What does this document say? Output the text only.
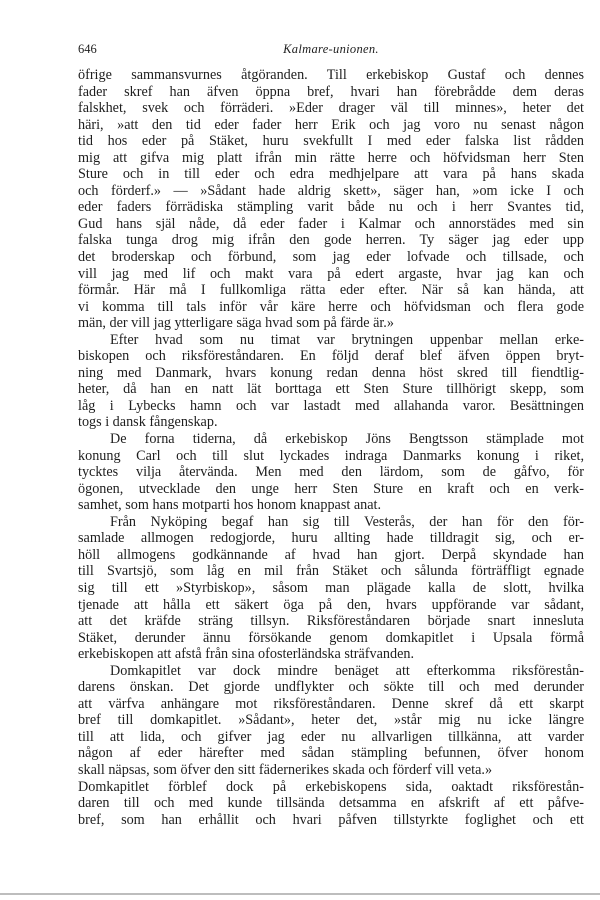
646	Kalmare-unionen.
öfrige sammansvurnes åtgöranden. Till erkebiskop Gustaf och dennes
fader skref han äfven öppna bref, hvari han förebrådde dem deras
falskhet, svek och förräderi. »Eder drager väl till minnes», heter det
häri, »att den tid eder fader herr Erik och jag voro nu senast någon
tid hos eder på Stäket, huru svekfullt I med eder falska list rådden
mig att gifva mig platt ifrån min rätte herre och höfvidsman herr Sten
Sture och in till eder och edra medhjelpare att vara på hans skada
och förderf.» — »Sådant hade aldrig skett», säger han, »om icke I och
eder faders förrädiska stämpling varit både nu och i herr Svantes tid,
Gud hans själ nåde, då eder fader i Kalmar och annorstädes med sin
falska tunga drog mig ifrån den gode herren. Ty säger jag eder upp
det broderskap och förbund, som jag eder lofvade och tillsade, och
vill jag med lif och makt vara på edert argaste, hvar jag kan och
förmår. Här må I fullkomliga rätta eder efter. När så kan hända, att
vi komma till tals inför vår käre herre och höfvidsman och flera gode
män, der vill jag ytterligare säga hvad som på färde är.»
Efter hvad som nu timat var brytningen uppenbar mellan erke-
biskopen och riksföreståndaren. En följd deraf blef äfven öppen bryt-
ning med Danmark, hvars konung redan denna höst skred till fiendtlig-
heter, då han en natt lät borttaga ett Sten Sture tillhörigt skepp, som
låg i Lybecks hamn och var lastadt med allahanda varor. Besättningen
togs i dansk fångenskap.
De forna tiderna, då erkebiskop Jöns Bengtsson stämplade mot
konung Carl och till slut lyckades indraga Danmarks konung i riket,
tycktes vilja återvända. Men med den lärdom, som de gåfvo, för
ögonen, utvecklade den unge herr Sten Sture en kraft och en verk-
samhet, som hans motparti hos honom knappast anat.
Från Nyköping begaf han sig till Vesterås, der han för den för-
samlade allmogen redogjorde, huru allting hade tilldragit sig, och er-
höll allmogens godkännande af hvad han gjort. Derpå skyndade han
till Svartsjö, som låg en mil från Stäket och sålunda förträffligt egnade
sig till ett »Styrbiskop», såsom man plägade kalla de slott, hvilka
tjenade att hålla ett säkert öga på den, hvars uppförande var sådant,
att det kräfde sträng tillsyn. Riksföreståndaren började snart innesluta
Stäket, derunder ännu försökande genom domkapitlet i Upsala förmå
erkebiskopen att afstå från sina ofosterländska sträfvanden.
Domkapitlet var dock mindre benäget att efterkomma riksförestån-
darens önskan. Det gjorde undflykter och sökte till och med derunder
att värfva anhängare mot riksföreståndaren. Denne skref då ett skarpt
bref till domkapitlet. »Sådant», heter det, »står mig nu icke längre
till att lida, och gifver jag eder nu allvarligen tillkänna, att varder
någon af eder härefter med sådan stämpling befunnen, öfver honom
skall näpsas, som öfver den sitt fädernerikes skada och förderf vill veta.»
Domkapitlet förblef dock på erkebiskopens sida, oaktadt riksförestån-
daren till och med kunde tillsända detsamma en afskrift af ett påfve-
bref, som han erhållit och hvari påfven tillstyrkte foglighet och ett
